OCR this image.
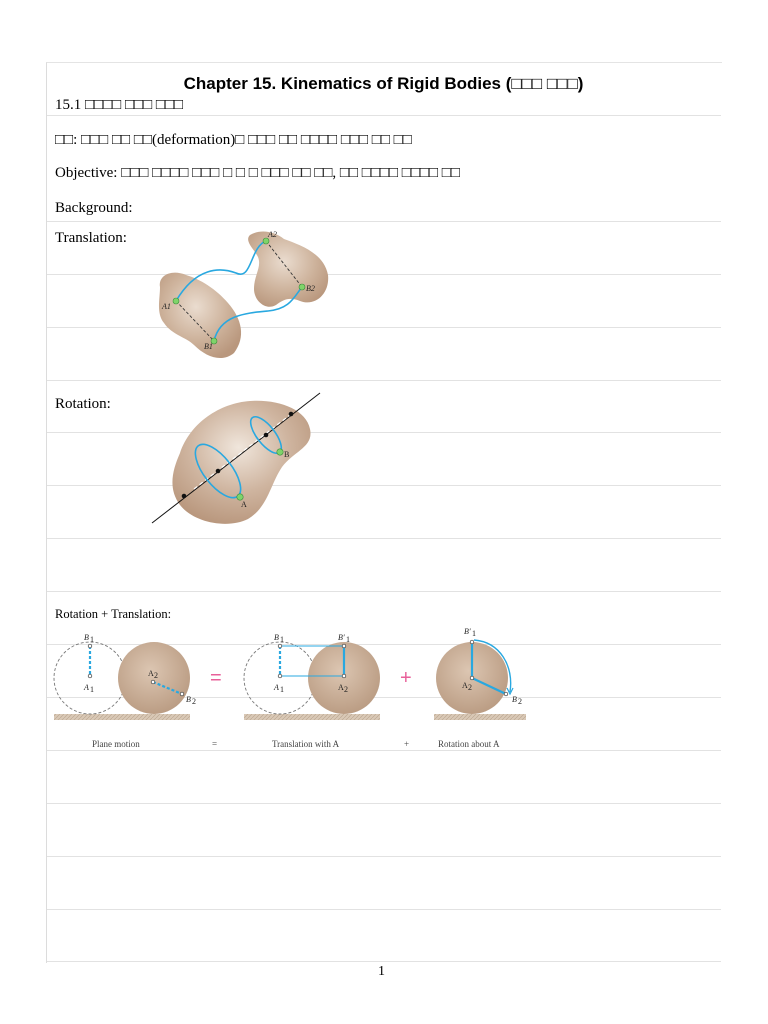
Chapter 15. Kinematics of Rigid Bodies (□□□ □□□)
15.1 □□□□ □□□ □□□
□□: □□□ □□ □□(deformation)□ □□□ □□ □□□□ □□□ □□ □□
Objective: □□□ □□□□ □□□ □ □ □ □□□ □□ □□, □□ □□□□ □□□□ □□
Background:
Translation:
Rotation:
Rotation + Translation:
1
A1
B1
A2
B2
A
B
B 1
A 1
A 2
B 2
=
B 1
A 1
B′ 1
A 2
+
B′ 1
A 2
B 2
Plane motion	=	Translation with A	+	Rotation about A
